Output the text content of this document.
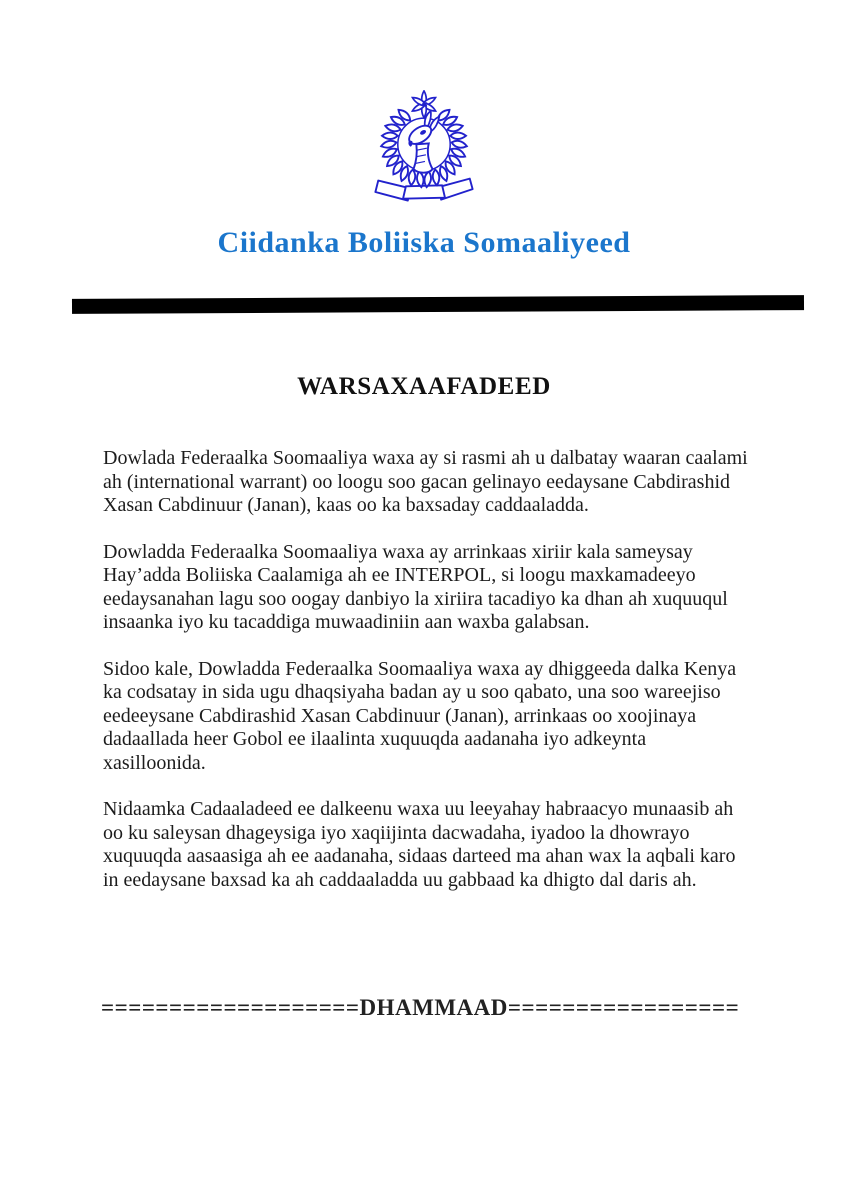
Ciidanka Boliiska Somaaliyeed
WARSAXAAFADEED

Dowlada Federaalka Soomaaliya waxa ay si rasmi ah u dalbatay waaran caalami ah (international warrant) oo loogu soo gacan gelinayo eedaysane Cabdirashid Xasan Cabdinuur (Janan), kaas oo ka baxsaday caddaaladda.

Dowladda Federaalka Soomaaliya waxa ay arrinkaas xiriir kala sameysay Hay’adda Boliiska Caalamiga ah ee INTERPOL, si loogu maxkamadeeyo eedaysanahan lagu soo oogay danbiyo la xiriira tacadiyo ka dhan ah xuquuqul insaanka iyo ku tacaddiga muwaadiniin aan waxba galabsan.

Sidoo kale, Dowladda Federaalka Soomaaliya waxa ay dhiggeeda dalka Kenya ka codsatay in sida ugu dhaqsiyaha badan ay u soo qabato, una soo wareejiso eedeeysane Cabdirashid Xasan Cabdinuur (Janan), arrinkaas oo xoojinaya dadaallada heer Gobol ee ilaalinta xuquuqda aadanaha iyo adkeynta xasilloonida.

Nidaamka Cadaaladeed ee dalkeenu waxa uu leeyahay habraacyo munaasib ah oo ku saleysan dhageysiga iyo xaqiijinta dacwadaha, iyadoo la dhowrayo xuquuqda aasaasiga ah ee aadanaha, sidaas darteed ma ahan wax la aqbali karo in eedaysane baxsad ka ah caddaaladda uu gabbaad ka dhigto dal daris ah.

===================DHAMMAAD=================
